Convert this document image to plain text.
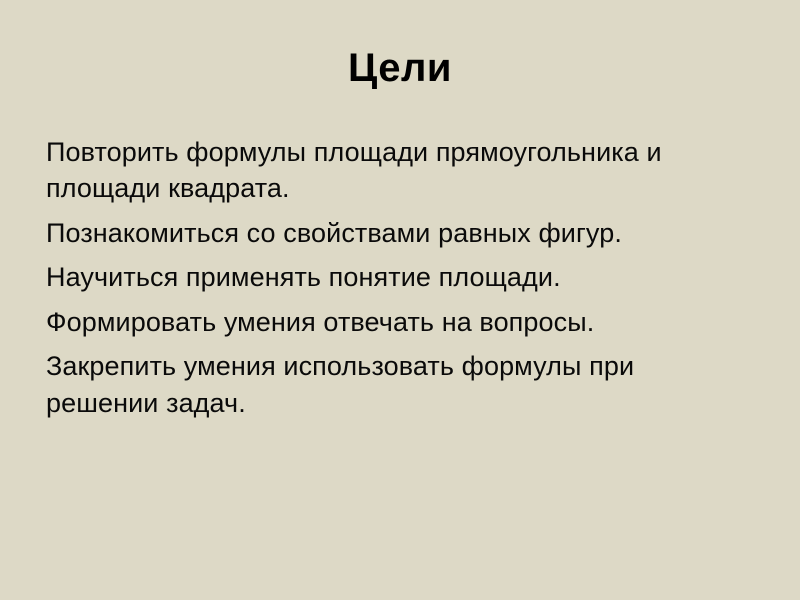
Цели
Повторить формулы площади прямоугольника и площади квадрата.
Познакомиться со свойствами равных фигур.
Научиться применять понятие площади.
Формировать умения отвечать на вопросы.
Закрепить умения использовать формулы при решении задач.
